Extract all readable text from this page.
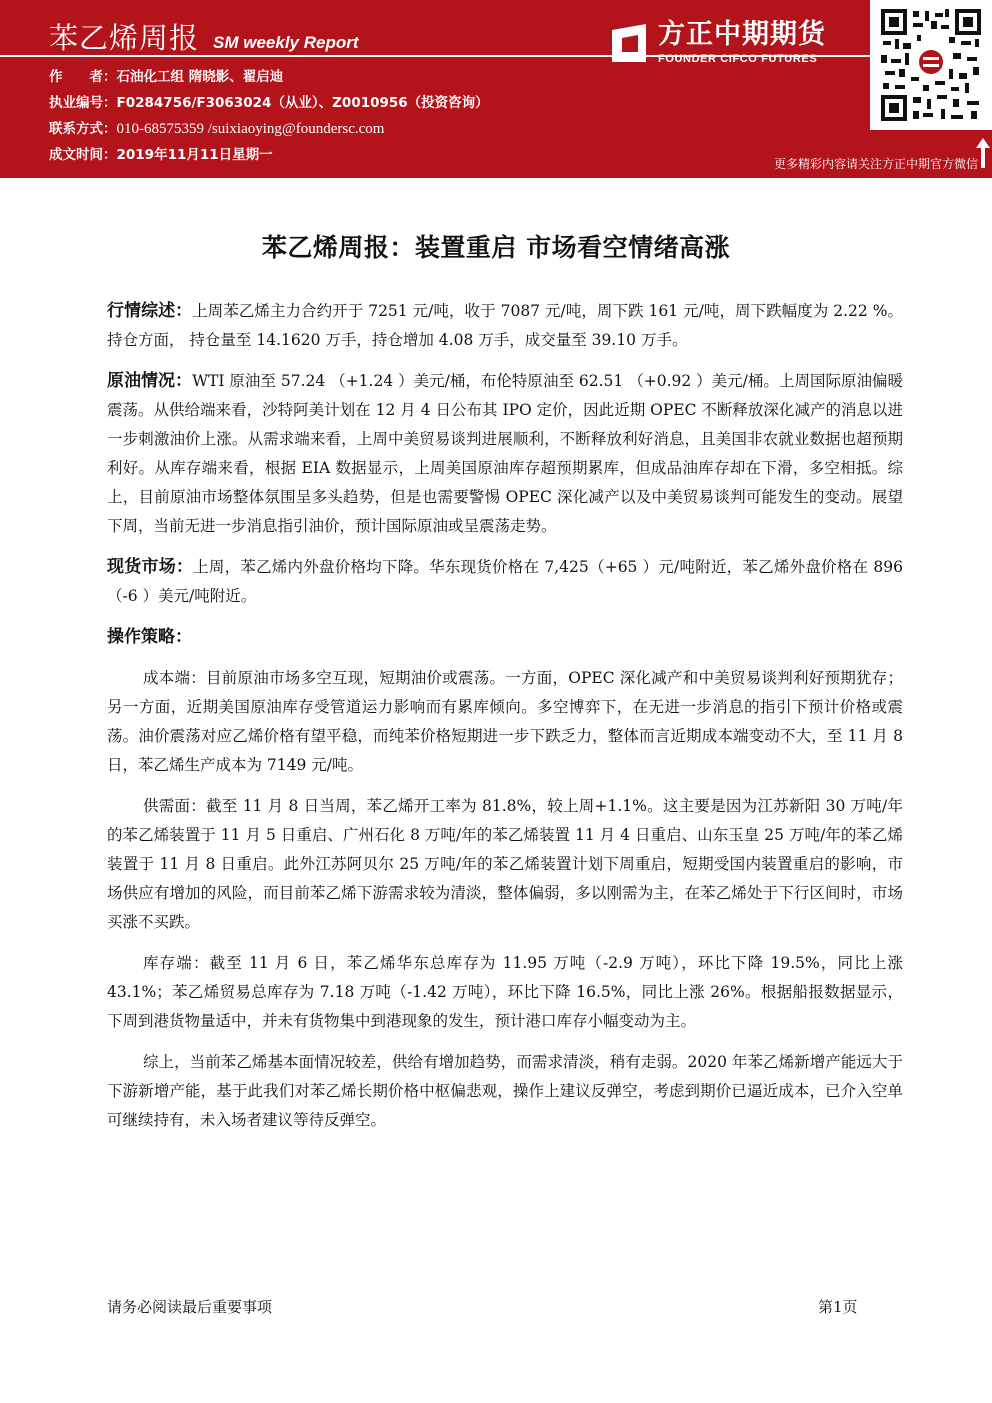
苯乙烯周报 SM weekly Report
作　　者： 石油化工组 隋晓影、翟启迪
执业编号： F0284756/F3063024（从业）、Z0010956（投资咨询）
联系方式： 010-68575359 /suixiaoying@foundersc.com
成文时间： 2019年11月11日星期一
方正中期期货
FOUNDER CIFCO FUTURES
更多精彩内容请关注方正中期官方微信
苯乙烯周报：装置重启 市场看空情绪高涨

行情综述：上周苯乙烯主力合约开于 7251 元/吨，收于 7087 元/吨，周下跌 161 元/吨，周下跌幅度为 2.22 %。持仓方面， 持仓量至 14.1620 万手，持仓增加 4.08 万手，成交量至 39.10 万手。

原油情况：WTI 原油至 57.24 （+1.24 ）美元/桶，布伦特原油至 62.51 （+0.92 ）美元/桶。上周国际原油偏暖震荡。从供给端来看，沙特阿美计划在 12 月 4 日公布其 IPO 定价，因此近期 OPEC 不断释放深化减产的消息以进一步刺激油价上涨。从需求端来看，上周中美贸易谈判进展顺利，不断释放利好消息，且美国非农就业数据也超预期利好。从库存端来看，根据 EIA 数据显示，上周美国原油库存超预期累库，但成品油库存却在下滑，多空相抵。综上，目前原油市场整体氛围呈多头趋势，但是也需要警惕 OPEC 深化减产以及中美贸易谈判可能发生的变动。展望下周，当前无进一步消息指引油价，预计国际原油或呈震荡走势。

现货市场：上周，苯乙烯内外盘价格均下降。华东现货价格在 7,425（+65 ）元/吨附近，苯乙烯外盘价格在 896（-6 ）美元/吨附近。

操作策略：

成本端：目前原油市场多空互现，短期油价或震荡。一方面，OPEC 深化减产和中美贸易谈判利好预期犹存；另一方面，近期美国原油库存受管道运力影响而有累库倾向。多空博弈下，在无进一步消息的指引下预计价格或震荡。油价震荡对应乙烯价格有望平稳，而纯苯价格短期进一步下跌乏力，整体而言近期成本端变动不大，至 11 月 8 日，苯乙烯生产成本为 7149 元/吨。

供需面：截至 11 月 8 日当周，苯乙烯开工率为 81.8%，较上周+1.1%。这主要是因为江苏新阳 30 万吨/年的苯乙烯装置于 11 月 5 日重启、广州石化 8 万吨/年的苯乙烯装置 11 月 4 日重启、山东玉皇 25 万吨/年的苯乙烯装置于 11 月 8 日重启。此外江苏阿贝尔 25 万吨/年的苯乙烯装置计划下周重启，短期受国内装置重启的影响，市场供应有增加的风险，而目前苯乙烯下游需求较为清淡，整体偏弱，多以刚需为主，在苯乙烯处于下行区间时，市场买涨不买跌。

库存端：截至 11 月 6 日，苯乙烯华东总库存为 11.95 万吨（-2.9 万吨），环比下降 19.5%，同比上涨 43.1%；苯乙烯贸易总库存为 7.18 万吨（-1.42 万吨），环比下降 16.5%，同比上涨 26%。根据船报数据显示，下周到港货物量适中，并未有货物集中到港现象的发生，预计港口库存小幅变动为主。

综上，当前苯乙烯基本面情况较差，供给有增加趋势，而需求清淡，稍有走弱。2020 年苯乙烯新增产能远大于下游新增产能，基于此我们对苯乙烯长期价格中枢偏悲观，操作上建议反弹空，考虑到期价已逼近成本，已介入空单可继续持有，未入场者建议等待反弹空。

请务必阅读最后重要事项	第1页
